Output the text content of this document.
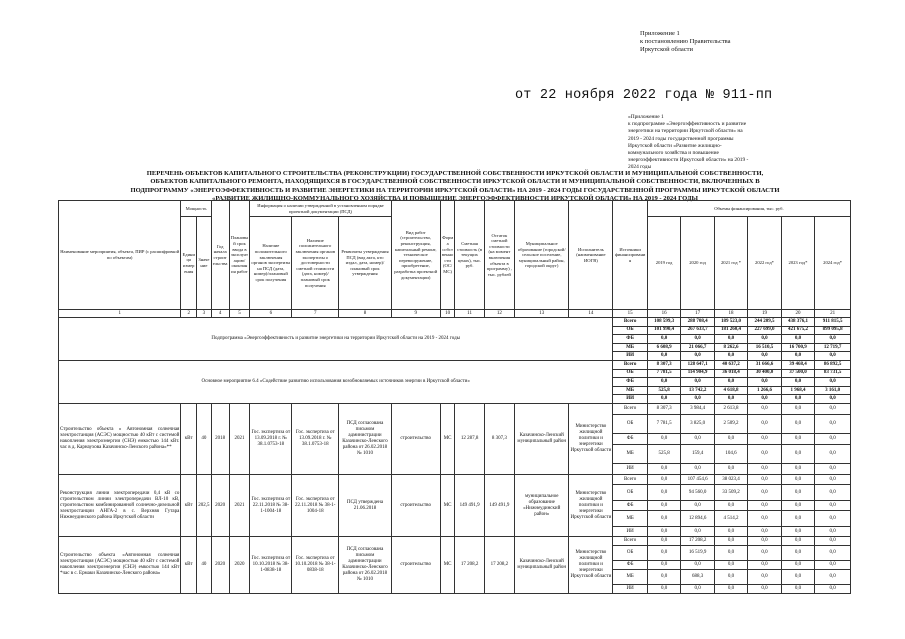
Приложение 1
к постановлению Правительства
Иркутской области
от 22 ноября 2022 года № 911-пп
«Приложение 1
к подпрограмме «Энергоэффективность и развитие
энергетики на территории Иркутской области» на
2019 - 2024 годы государственной программы
Иркутской области «Развитие жилищно-
коммунального хозяйства и повышение
энергоэффективности Иркутской области» на 2019 -
2024 годы
ПЕРЕЧЕНЬ ОБЪЕКТОВ КАПИТАЛЬНОГО СТРОИТЕЛЬСТВА (РЕКОНСТРУКЦИИ) ГОСУДАРСТВЕННОЙ СОБСТВЕННОСТИ ИРКУТСКОЙ ОБЛАСТИ И МУНИЦИПАЛЬНОЙ СОБСТВЕННОСТИ,
ОБЪЕКТОВ КАПИТАЛЬНОГО РЕМОНТА, НАХОДЯЩИХСЯ В ГОСУДАРСТВЕННОЙ СОБСТВЕННОСТИ ИРКУТСКОЙ ОБЛАСТИ И МУНИЦИПАЛЬНОЙ СОБСТВЕННОСТИ, ВКЛЮЧЕННЫХ В
ПОДПРОГРАММУ «ЭНЕРГОЭФФЕКТИВНОСТЬ И РАЗВИТИЕ ЭНЕРГЕТИКИ НА ТЕРРИТОРИИ ИРКУТСКОЙ ОБЛАСТИ» НА 2019 - 2024 ГОДЫ ГОСУДАРСТВЕННОЙ ПРОГРАММЫ ИРКУТСКОЙ ОБЛАСТИ
«РАЗВИТИЕ ЖИЛИЩНО-КОММУНАЛЬНОГО ХОЗЯЙСТВА И ПОВЫШЕНИЕ ЭНЕРГОЭФФЕКТИВНОСТИ ИРКУТСКОЙ ОБЛАСТИ» НА 2019 - 2024 ГОДЫ
Наименование мероприятия, объекта, ПИР (с расшифровкой по объектам)	Мощность		Год начала строительства	Плановый срок ввода в эксплуатацию/ окончания работ	Информация о наличии утвержденной в установленном порядке проектной документации (ПСД)			Вид работ (строительство, реконструкция, капитальный ремонт, техническое перевооружение, приобретение, разработка проектной документации)	Форма собственности (ОС/ МС)	Сметная стоимость (в текущих ценах), тыс. руб.	Остаток сметной стоимости (на момент включения объекта в программу) , тыс. рублей	Муниципальное образование (городской/сельское поселение, муниципальный район, городской округ)	Исполнитель (наименование ИОГВ)	Источники финансирования	Объемы финансирования, тыс. руб.					
	Единица измерения	Значение			Наличие положительного заключения органов экспертизы на ПСД (дата, номер)/плановый срок получения	Наличие положительного заключения органов экспертизы о достоверности сметной стоимости (дата, номер)/плановый срок получения	Реквизиты утверждения ПСД (вид акта, кто издал, дата, номер)/плановый срок утверждения								2019 год	2020 год	2021 год *	2022 год*	2023 год*	2024 год*
1	2	3	4	5	6	7	8	9	10	11	12	13	14	15	16	17	18	19	20	21
Подпрограмма «Энергоэффективность и развитие энергетики на территории Иркутской области на 2019 - 2024 годы														Всего	108 599,3	288 708,4	189 523,0	244 209,5	438 376,1	911 815,5
														ОБ	101 990,4	267 633,7	181 260,4	227 699,0	421 675,2	899 095,8
														ФБ	0,0	0,0	0,0	0,0	0,0	0,0
														МБ	6 608,9	21 066,7	8 262,6	16 510,5	16 700,9	12 719,7
														ИИ	0,0	0,0	0,0	0,0	0,0	0,0
Основное мероприятие 6.4 «Содействие развитию использования возобновляемых источников энергии в Иркутской области»														Всего	8 307,3	128 647,1	40 637,2	31 666,6	39 468,4	86 892,5
														ОБ	7 781,5	114 904,9	36 018,4	30 400,0	37 500,0	83 731,5
														ФБ	0,0	0,0	0,0	0,0	0,0	0,0
														МБ	525,8	13 742,2	4 618,8	1 266,6	1 968,4	3 161,0
														ИИ	0,0	0,0	0,0	0,0	0,0	0,0
Строительство объекта « Автономная солнечная электростанция (АСЭС) мощностью 40 кВт с системой накопления электроэнергии (СНЭ) емкостью 144 кВт. час в д. Карнаухова Казачинско-Ленского района»**	кВт	40	2018	2021	Гос. экспертиза от 13.09.2018 г. № 38.1.0753-18	Гос. экспертиза от 13.09.2018 г. № 38.1.0753-18	ПСД согласована письмом администрации Казачинско-Ленского района от 26.02.2018 № 1010	строительство	МС	12 287,8	8 307,3	Казачинско-Ленский муниципальный район	Министерство жилищной политики и энергетики Иркутской области	Всего	8 307,3	3 984,4	2 613,8	0,0	0,0	0,0
														ОБ	7 781,5	3 825,0	2 509,2	0,0	0,0	0,0
														ФБ	0,0	0,0	0,0	0,0	0,0	0,0
														МБ	525,8	159,4	104,6	0,0	0,0	0,0
														ИИ	0,0	0,0	0,0	0,0	0,0	0,0
Реконструкция линии электропередачи 0,4 кВ со строительством линии электропередачи ВЛ-10 кВ, строительством комбинированной солнечно-дизельной электростанции АНГА-2 в с. Верхняя Гутара Нижнеудинского района Иркутской области	кВт	202,5	2020	2021	Гос. экспертиза от 22.11.2018 № 38-1-1004-18	Гос. экспертиза от 22.11.2018 № 38-1-1004-18	ПСД утверждена 21.06.2018	строительство	МС	149 491,9	149 491,9	муниципальное образование «Нижнеудинский район»	Министерство жилищной политики и энергетики Иркутской области	Всего	0,0	107 454,6	38 023,4	0,0	0,0	0,0
														ОБ	0,0	94 560,0	33 509,2	0,0	0,0	0,0
														ФБ	0,0	0,0	0,0	0,0	0,0	0,0
														МБ	0,0	12 894,6	4 514,2	0,0	0,0	0,0
														ИИ	0,0	0,0	0,0	0,0	0,0	0,0
Строительство объекта «Автономная солнечная электростанция (АСЭС) мощностью 40 кВт с системой накопления электроэнергии (СНЭ) емкостью 144 кВт *час в с. Ермаки Казачинско-Ленского района»	кВт	40	2020	2020	Гос. экспертиза от 10.10.2018 № 38-1-0838-18	Гос. экспертиза от 10.10.2018 № 38-1-0838-18	ПСД согласована письмом администрации Казачинско-Ленского района от 26.02.2018 № 1010	строительство	МС	17 208,2	17 208,2	Казачинско-Ленский муниципальный район	Министерство жилищной политики и энергетики Иркутской области	Всего	0,0	17 208,2	0,0	0,0	0,0	0,0
														ОБ	0,0	16 519,9	0,0	0,0	0,0	0,0
														ФБ	0,0	0,0	0,0	0,0	0,0	0,0
														МБ	0,0	688,3	0,0	0,0	0,0	0,0
														ИИ	0,0	0,0	0,0	0,0	0,0	0,0
